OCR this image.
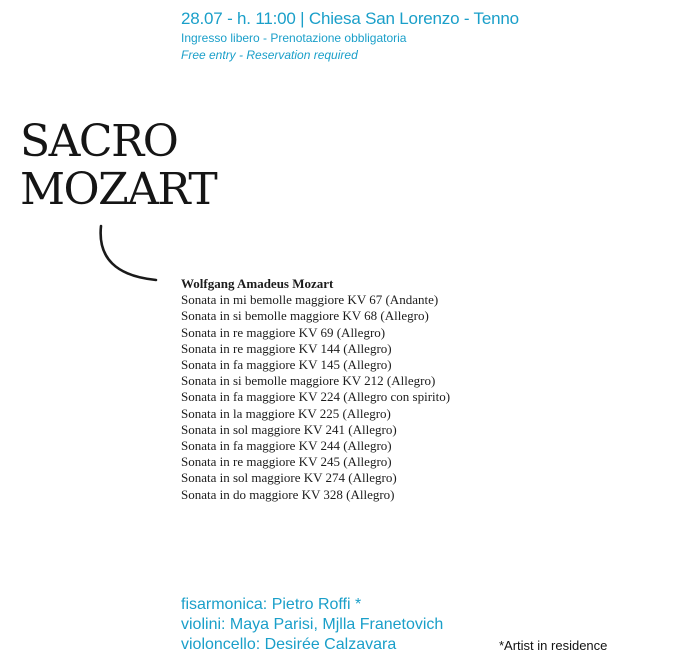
28.07 - h. 11:00 | Chiesa San Lorenzo - Tenno
Ingresso libero - Prenotazione obbligatoria
Free entry - Reservation required
SACRO
MOZART
Wolfgang Amadeus Mozart
Sonata in mi bemolle maggiore KV 67 (Andante)
Sonata in si bemolle maggiore KV 68 (Allegro)
Sonata in re maggiore KV 69 (Allegro)
Sonata in re maggiore KV 144 (Allegro)
Sonata in fa maggiore KV 145 (Allegro)
Sonata in si bemolle maggiore KV 212 (Allegro)
Sonata in fa maggiore KV 224 (Allegro con spirito)
Sonata in la maggiore KV 225 (Allegro)
Sonata in sol maggiore KV 241 (Allegro)
Sonata in fa maggiore KV 244 (Allegro)
Sonata in re maggiore KV 245 (Allegro)
Sonata in sol maggiore KV 274 (Allegro)
Sonata in do maggiore KV 328 (Allegro)
fisarmonica: Pietro Roffi *
violini: Maya Parisi, Mjlla Franetovich
violoncello: Desirée Calzavara	*Artist in residence
